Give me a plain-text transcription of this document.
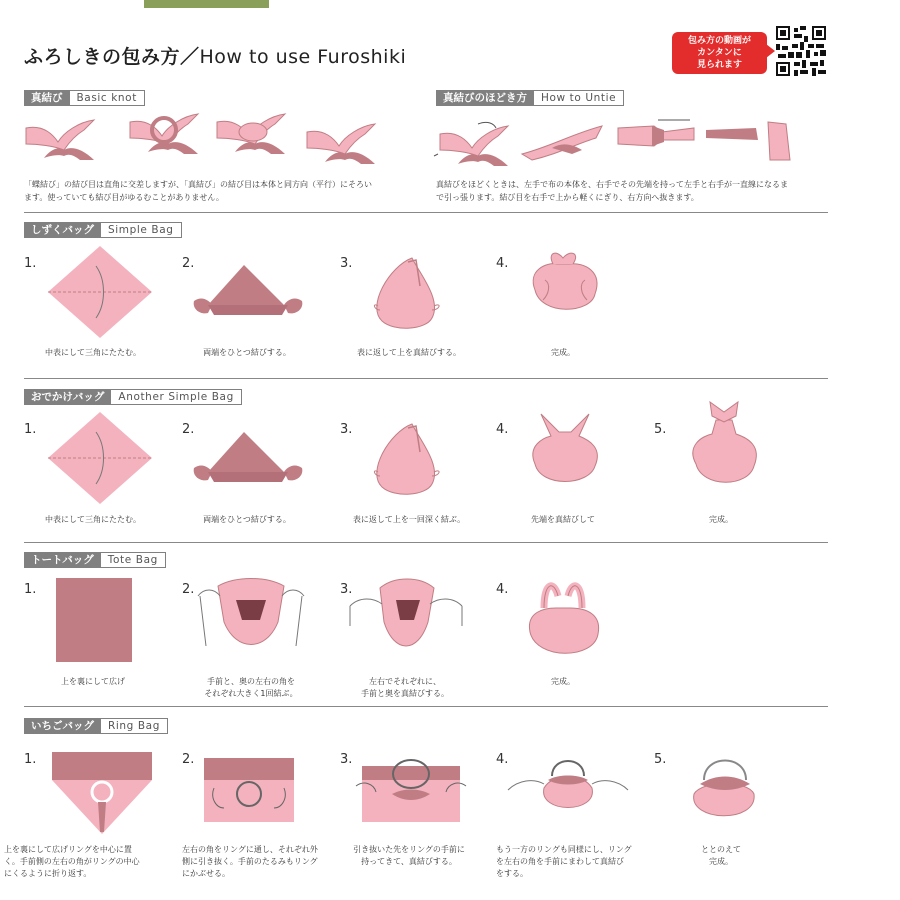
ふろしきの包み方／How to use Furoshiki
包み方の動画が
カンタンに
見られます
真結び	Basic knot
「蝶結び」の結び目は直角に交差しますが、「真結び」の結び目は本体と同方向（平行）にそろい
ます。使っていても結び目がゆるむことがありません。
真結びのほどき方	How to Untie
真結びをほどくときは、左手で布の本体を、右手でその先端を持って左手と右手が一直線になるま
で引っ張ります。結び目を右手で上から軽くにぎり、右方向へ抜きます。
しずくバッグ	Simple Bag
1.	2.	3.	4.
中表にして三角にたたむ。	両端をひとつ結びする。	表に返して上を真結びする。	完成。
おでかけバッグ	Another Simple Bag
1.	2.	3.	4.	5.
中表にして三角にたたむ。	両端をひとつ結びする。	表に返して上を一回深く結ぶ。	先端を真結びして	完成。
トートバッグ	Tote Bag
1.	2.	3.	4.
上を裏にして広げ	手前と、奥の左右の角を
それぞれ大きく1回結ぶ。
左右でそれぞれに、
手前と奥を真結びする。
完成。
いちごバッグ	Ring Bag
1.	2.	3.	4.	5.
上を裏にして広げリングを中心に置
く。手前側の左右の角がリングの中心
にくるように折り返す。
左右の角をリングに通し、それぞれ外
側に引き抜く。手前のたるみもリング
にかぶせる。
引き抜いた先をリングの手前に
持ってきて、真結びする。
もう一方のリングも同様にし、リング
を左右の角を手前にまわして真結び
をする。
ととのえて
完成。
